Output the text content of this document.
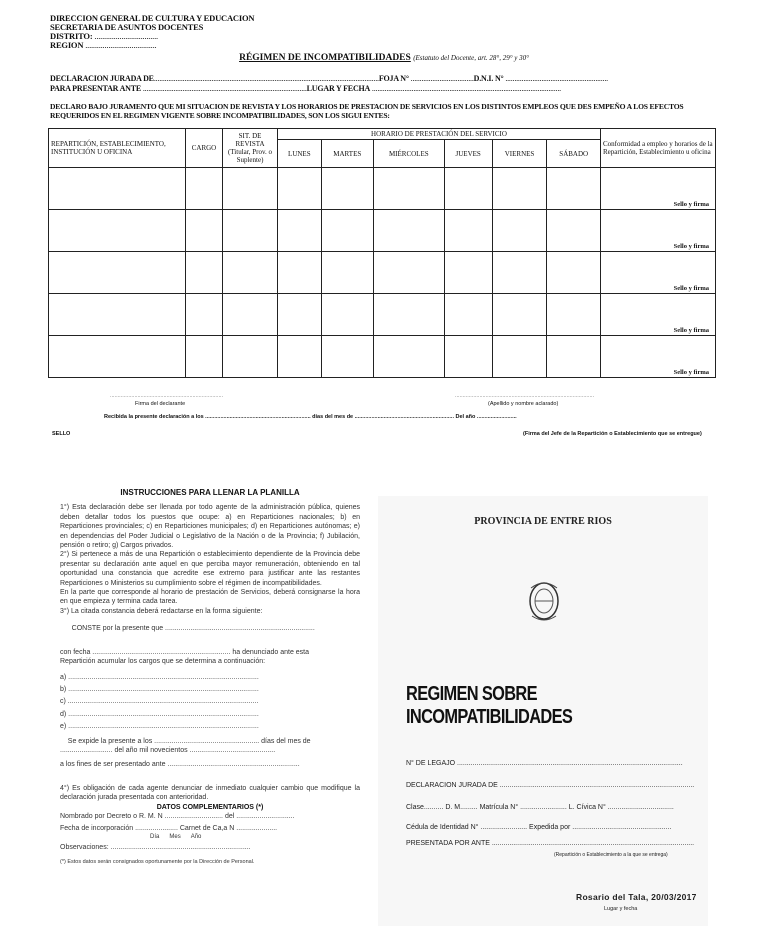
DIRECCION GENERAL DE CULTURA Y EDUCACION
SECRETARIA DE ASUNTOS DOCENTES
DISTRITO: .................................
REGION .....................................
RÉGIMEN DE INCOMPATIBILIDADES (Estatuto del Docente, art. 28°, 29° y 30°
DECLARACION JURADA DE.............................................................................................................................FOJA N° ...................................D.N.I. N° .........................................................
PARA PRESENTAR ANTE ...........................................................................................LUGAR Y FECHA .........................................................................................................
DECLARO BAJO JURAMENTO QUE MI SITUACION DE REVISTA Y LOS HORARIOS DE PRESTACION DE SERVICIOS EN LOS DISTINTOS EMPLEOS QUE DES EMPEÑO A LOS EFECTOS REQUERIDOS EN EL REGIMEN VIGENTE SOBRE INCOMPATIBILIDADES, SON LOS SIGUI ENTES:
REPARTICIÓN, ESTABLECIMIENTO, INSTITUCIÓN U OFICINA	CARGO	SIT. DE REVISTA (Titular, Prov. o Suplente)	HORARIO DE PRESTACIÓN DEL SERVICIO						Conformidad a empleo y horarios de la Repartición, Establecimiento u oficina
			LUNES	MARTES	MIÉRCOLES	JUEVES	VIERNES	SÁBADO	
									Sello y firma
									Sello y firma
									Sello y firma
									Sello y firma
									Sello y firma
..........................................................................
Firma del declarante
...........................................................................................
(Apellido y nombre aclarado)
Recibida la presente declaración a los ..................................................................... días del mes de ................................................................. Del año ..........................
SELLO	(Firma del Jefe de la Repartición o Establecimiento que se entregue)
INSTRUCCIONES PARA LLENAR LA PLANILLA

1°) Esta declaración debe ser llenada por todo agente de la administración pública, quienes deben detallar todos los puestos que ocupe: a) en Reparticiones nacionales; b) en Reparticiones provinciales; c) en Reparticiones municipales; d) en Reparticiones autónomas; e) en dependencias del Poder Judicial o Legislativo de la Nación o de la Provincia; f) Jubilación, pensión o retiro; g) Cargos privados.

2°) Si pertenece a más de una Repartición o establecimiento dependiente de la Provincia debe presentar su declaración ante aquel en que perciba mayor remuneración, obteniendo en tal oportunidad una constancia que acredite ese extremo para justificar ante las restantes Reparticiones o Ministerios su cumplimiento sobre el régimen de incompatibilidades.

En la parte que corresponde al horario de prestación de Servicios, deberá consignarse la hora en que empieza y termina cada tarea.

3°) La citada constancia deberá redactarse en la forma siguiente:

CONSTE por la presente que .............................................................................

con fecha ....................................................................... ha denunciado ante esta

Repartición acumular los cargos que se determina a continuación:

a) ..................................................................................................

b) ..................................................................................................

c) ..................................................................................................

d) ..................................................................................................

e) ..................................................................................................

Se expide la presente a los ...................................................... días del mes de

........................... del año mil novecientos ............................................

a los fines de ser presentado ante ....................................................................

4°) Es obligación de cada agente denunciar de inmediato cualquier cambio que modifique la declaración jurada presentada con anterioridad.

DATOS COMPLEMENTARIOS (*)

Nombrado por Decreto o R. M. N .............................. del ..............................

Fecha de incorporación ...................... Carnet de Ca,a N .....................

Día Mes Año

Observaciones: ........................................................................

(*) Estos datos serán consignados oportunamente por la Dirección de Personal.

PROVINCIA DE ENTRE RIOS
REGIMEN SOBRE INCOMPATIBILIDADES
N° DE LEGAJO ....................................................................................................................
DECLARACION JURADA DE ....................................................................................................
Clase.......... D. M......... Matrícula N° ........................ L. Cívica N° ..................................
Cédula de Identidad N° ........................ Expedida por ...................................................
PRESENTADA POR ANTE ........................................................................................................
(Repartición o Establecimiento a la que se entrega)
Rosario del Tala, 20/03/2017
Lugar y fecha
